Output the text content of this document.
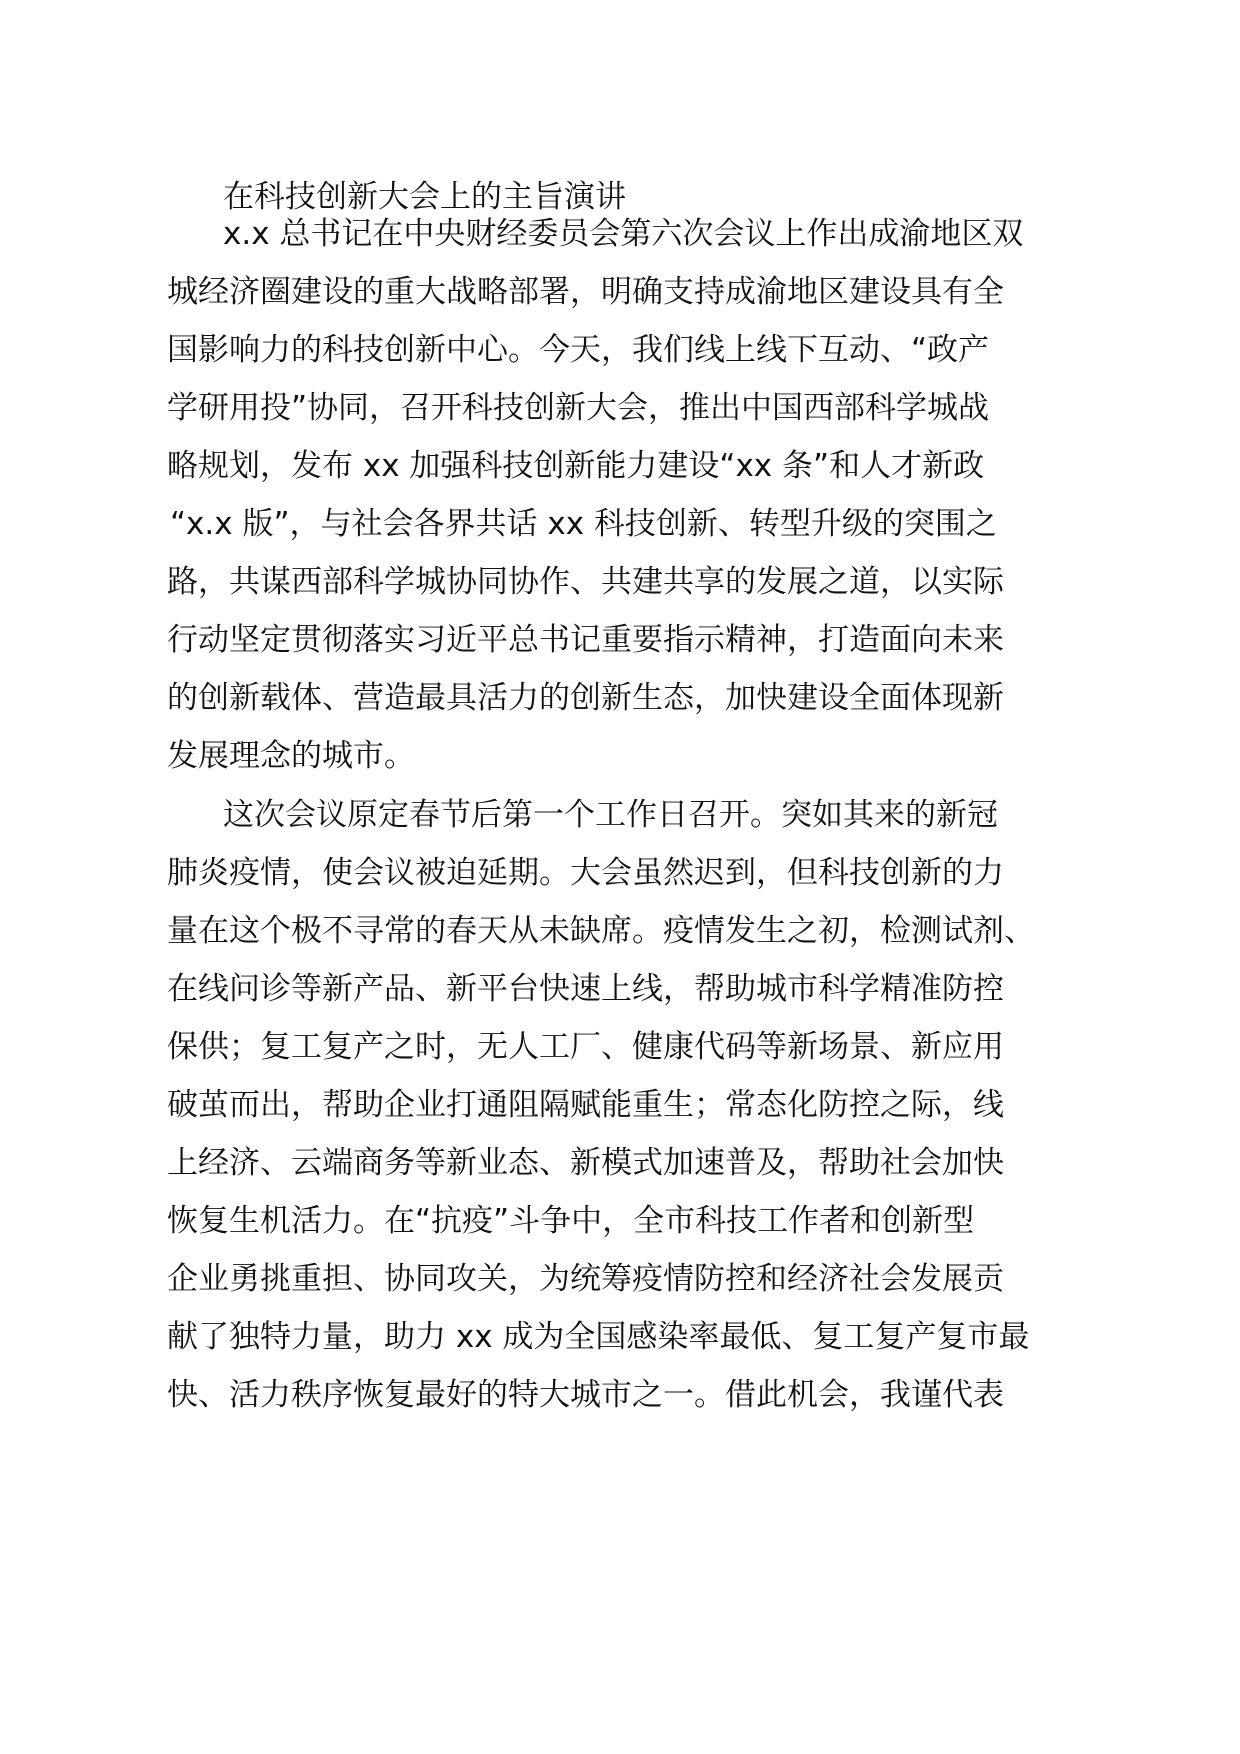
在科技创新大会上的主旨演讲
x.x 总书记在中央财经委员会第六次会议上作出成渝地区双
城经济圈建设的重大战略部署，明确支持成渝地区建设具有全
国影响力的科技创新中心。今天，我们线上线下互动、“政产
学研用投”协同，召开科技创新大会，推出中国西部科学城战
略规划，发布 xx 加强科技创新能力建设“xx 条”和人才新政
“x.x 版”，与社会各界共话 xx 科技创新、转型升级的突围之
路，共谋西部科学城协同协作、共建共享的发展之道，以实际
行动坚定贯彻落实习近平总书记重要指示精神，打造面向未来
的创新载体、营造最具活力的创新生态，加快建设全面体现新
发展理念的城市。
这次会议原定春节后第一个工作日召开。突如其来的新冠
肺炎疫情，使会议被迫延期。大会虽然迟到，但科技创新的力
量在这个极不寻常的春天从未缺席。疫情发生之初，检测试剂、
在线问诊等新产品、新平台快速上线，帮助城市科学精准防控
保供；复工复产之时，无人工厂、健康代码等新场景、新应用
破茧而出，帮助企业打通阻隔赋能重生；常态化防控之际，线
上经济、云端商务等新业态、新模式加速普及，帮助社会加快
恢复生机活力。在“抗疫”斗争中，全市科技工作者和创新型
企业勇挑重担、协同攻关，为统筹疫情防控和经济社会发展贡
献了独特力量，助力 xx 成为全国感染率最低、复工复产复市最
快、活力秩序恢复最好的特大城市之一。借此机会，我谨代表
